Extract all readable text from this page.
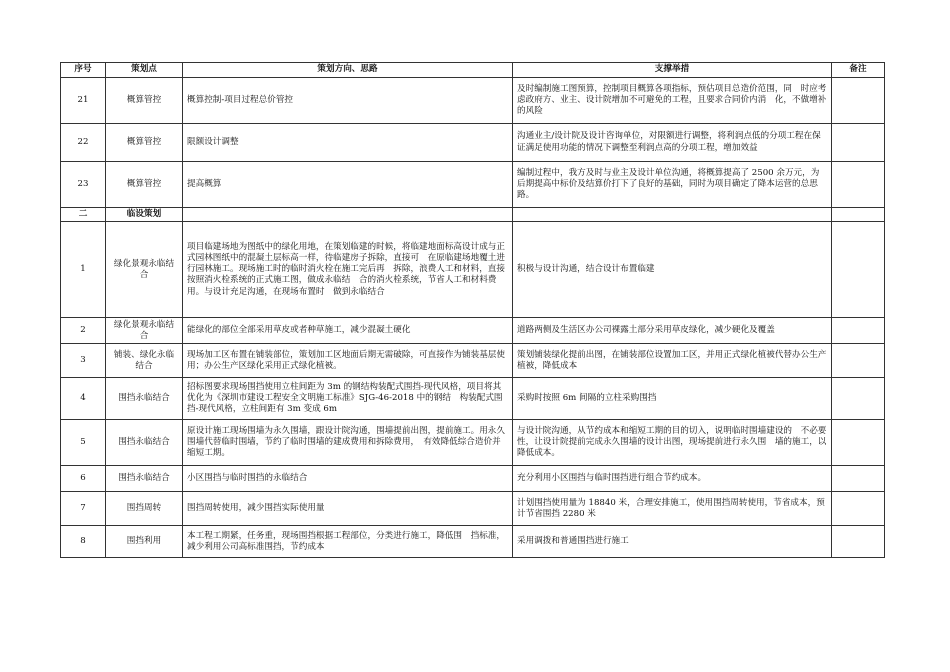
序号	策划点	策划方向、思路	支撑举措	备注
21	概算管控	概算控制-项目过程总价管控	及时编制施工图预算，控制项目概算各项指标，预估项目总造价范围，同　时应考虑政府方、业主、设计院增加不可避免的工程，且要求合同价内消　化，不做增补的风险	
22	概算管控	限额设计调整	沟通业主/设计院及设计咨询单位，对限额进行调整，将利润点低的分项工程在保证满足使用功能的情况下调整至利润点高的分项工程，增加效益	
23	概算管控	提高概算	编制过程中，我方及时与业主及设计单位沟通，将概算提高了 2500 余万元，为后期提高中标价及结算价打下了良好的基础，同时为项目确定了降本运营的总思路。	
二	临设策划			
1	绿化景观永临结合	项目临建场地为图纸中的绿化用地，在策划临建的时候，将临建地面标高设计成与正式园林图纸中的混凝土层标高一样，待临建房子拆除，直接可　在原临建场地覆土进行园林施工。现场施工时的临时消火栓在施工完后再　拆除，浪费人工和材料，直接按照消火栓系统的正式施工图，做成永临结　合的消火栓系统，节省人工和材料费用。与设计充足沟通，在现场布置时　做到永临结合	积极与设计沟通，结合设计布置临建	
2	绿化景观永临结合	能绿化的部位全部采用草皮或者种草施工，减少混凝土硬化	道路两侧及生活区办公司裸露土部分采用草皮绿化，减少硬化及覆盖	
3	铺装、绿化永临结合	现场加工区布置在铺装部位，策划加工区地面后期无需破除，可直接作为铺装基层使用；办公生产区绿化采用正式绿化植被。	策划铺装绿化提前出图，在铺装部位设置加工区，并用正式绿化植被代替办公生产植被，降低成本	
4	围挡永临结合	招标图要求现场围挡使用立柱间距为 3m 的钢结构装配式围挡-现代风格，项目将其优化为《深圳市建设工程安全文明施工标准》SJG-46-2018 中的钢结　构装配式围挡-现代风格，立柱间距有 3m 变成 6m	采购时按照 6m 间隔的立柱采购围挡	
5	围挡永临结合	原设计施工现场围墙为永久围墙，跟设计院沟通，围墙提前出图，提前施工。用永久围墙代替临时围墙，节约了临时围墙的建成费用和拆除费用，　有效降低综合造价并缩短工期。	与设计院沟通，从节约成本和缩短工期的目的切入，说明临时围墙建设的　不必要性，让设计院提前完成永久围墙的设计出图，现场提前进行永久围　墙的施工，以降低成本。	
6	围挡永临结合	小区围挡与临时围挡的永临结合	充分利用小区围挡与临时围挡进行组合节约成本。	
7	围挡周转	围挡周转使用，减少围挡实际使用量	计划围挡使用量为 18840 米，合理安排施工，使用围挡周转使用，节省成本，预计节省围挡 2280 米	
8	围挡利用	本工程工期紧，任务重，现场围挡根据工程部位，分类进行施工，降低围　挡标准，减少利用公司高标准围挡，节约成本	采用调拨和普通围挡进行施工	
